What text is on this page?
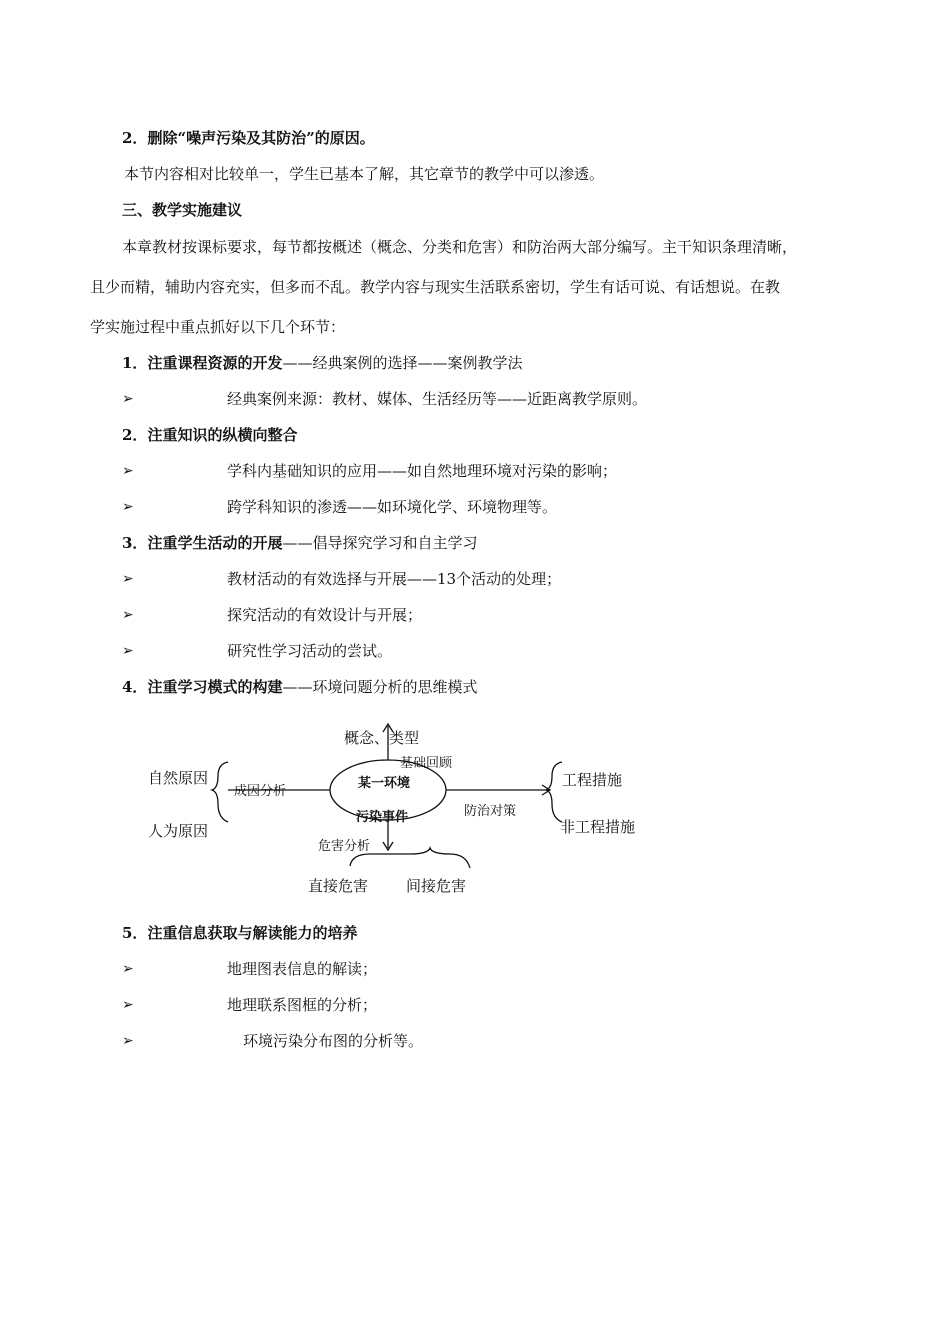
2．删除“噪声污染及其防治”的原因。
本节内容相对比较单一，学生已基本了解，其它章节的教学中可以渗透。
三、教学实施建议
本章教材按课标要求，每节都按概述（概念、分类和危害）和防治两大部分编写。主干知识条理清晰，
且少而精，辅助内容充实，但多而不乱。教学内容与现实生活联系密切，学生有话可说、有话想说。在教
学实施过程中重点抓好以下几个环节：
1．注重课程资源的开发——经典案例的选择——案例教学法
➢	经典案例来源：教材、媒体、生活经历等——近距离教学原则。
2．注重知识的纵横向整合
➢	学科内基础知识的应用——如自然地理环境对污染的影响；
➢	跨学科知识的渗透——如环境化学、环境物理等。
3．注重学生活动的开展——倡导探究学习和自主学习
➢	教材活动的有效选择与开展——13个活动的处理；
➢	探究活动的有效设计与开展；
➢	研究性学习活动的尝试。
4．注重学习模式的构建——环境问题分析的思维模式
某一环境
污染事件
概念、类型
基础回顾
成因分析
自然原因
人为原因
防治对策
工程措施
非工程措施
危害分析
直接危害	间接危害
5．注重信息获取与解读能力的培养
➢	地理图表信息的解读；
➢	地理联系图框的分析；
➢	环境污染分布图的分析等。
